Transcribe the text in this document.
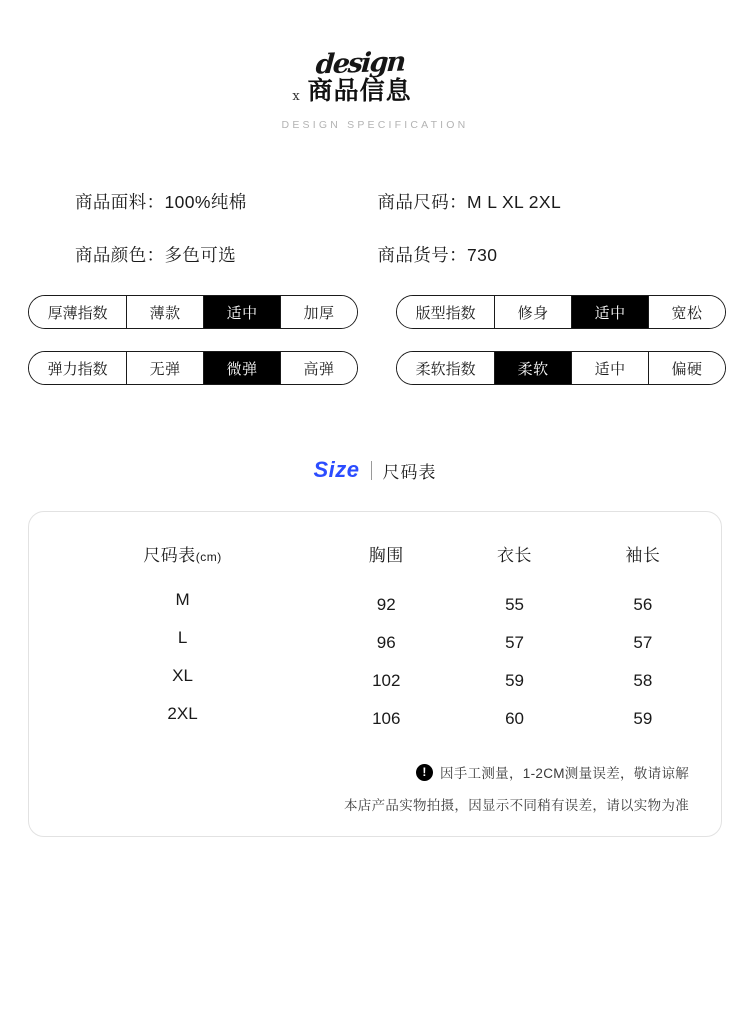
design
x 商品信息
DESIGN SPECIFICATION
商品面料：100%纯棉	商品尺码：M L XL 2XL
商品颜色：多色可选	商品货号：730
厚薄指数	薄款	适中	加厚	版型指数	修身	适中	宽松
弹力指数	无弹	微弹	高弹	柔软指数	柔软	适中	偏硬
Size 尺码表
尺码表(cm)	胸围	衣长	袖长
M	92	55	56
L	96	57	57
XL	102	59	58
2XL	106	60	59
! 因手工测量，1-2CM测量误差，敬请谅解
本店产品实物拍摄，因显示不同稍有误差，请以实物为准
